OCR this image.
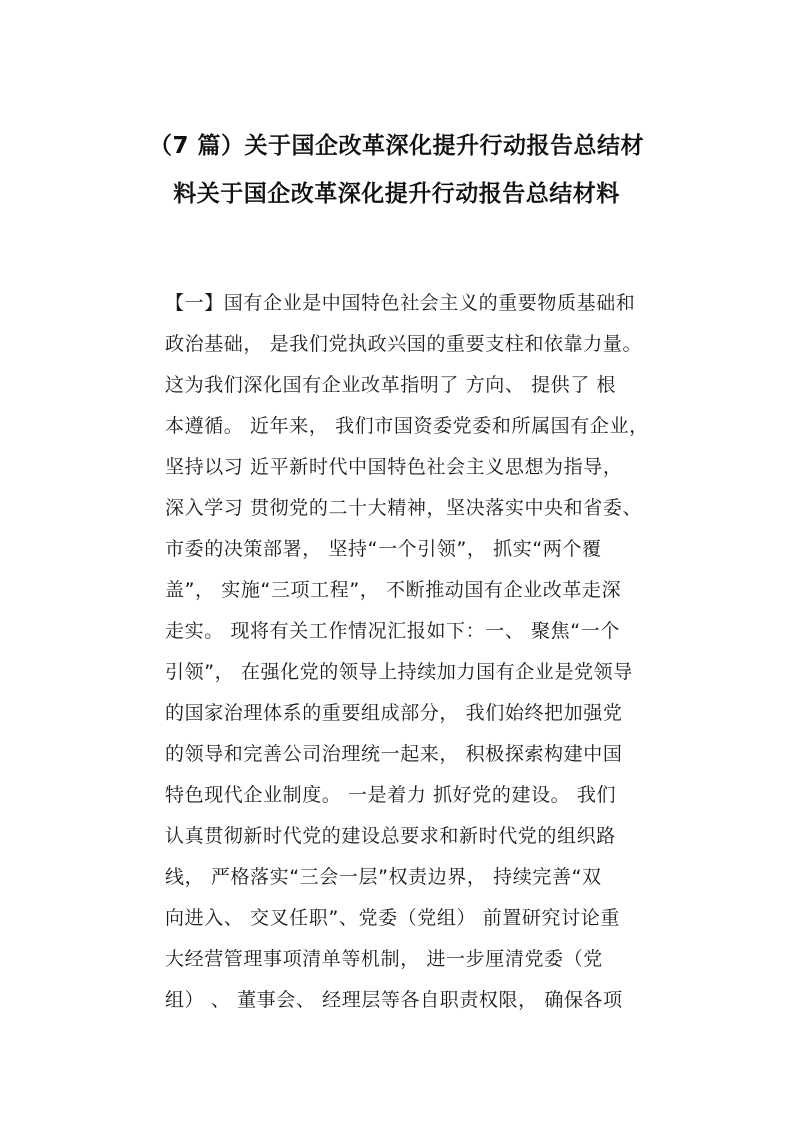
（7 篇）关于国企改革深化提升行动报告总结材
料关于国企改革深化提升行动报告总结材料
【一】国有企业是中国特色社会主义的重要物质基础和
政治基础， 是我们党执政兴国的重要支柱和依靠力量。
这为我们深化国有企业改革指明了 方向、 提供了 根
本遵循。 近年来， 我们市国资委党委和所属国有企业，
坚持以习 近平新时代中国特色社会主义思想为指导，
深入学习 贯彻党的二十大精神，坚决落实中央和省委、
市委的决策部署， 坚持“一个引领”， 抓实“两个覆
盖”， 实施“三项工程”， 不断推动国有企业改革走深
走实。 现将有关工作情况汇报如下：一、 聚焦“一个
引领”， 在强化党的领导上持续加力国有企业是党领导
的国家治理体系的重要组成部分， 我们始终把加强党
的领导和完善公司治理统一起来， 积极探索构建中国
特色现代企业制度。 一是着力 抓好党的建设。 我们
认真贯彻新时代党的建设总要求和新时代党的组织路
线， 严格落实“三会一层”权责边界， 持续完善“双
向进入、 交叉任职”、党委（党组） 前置研究讨论重
大经营管理事项清单等机制， 进一步厘清党委（党
组） 、 董事会、 经理层等各自职责权限， 确保各项
